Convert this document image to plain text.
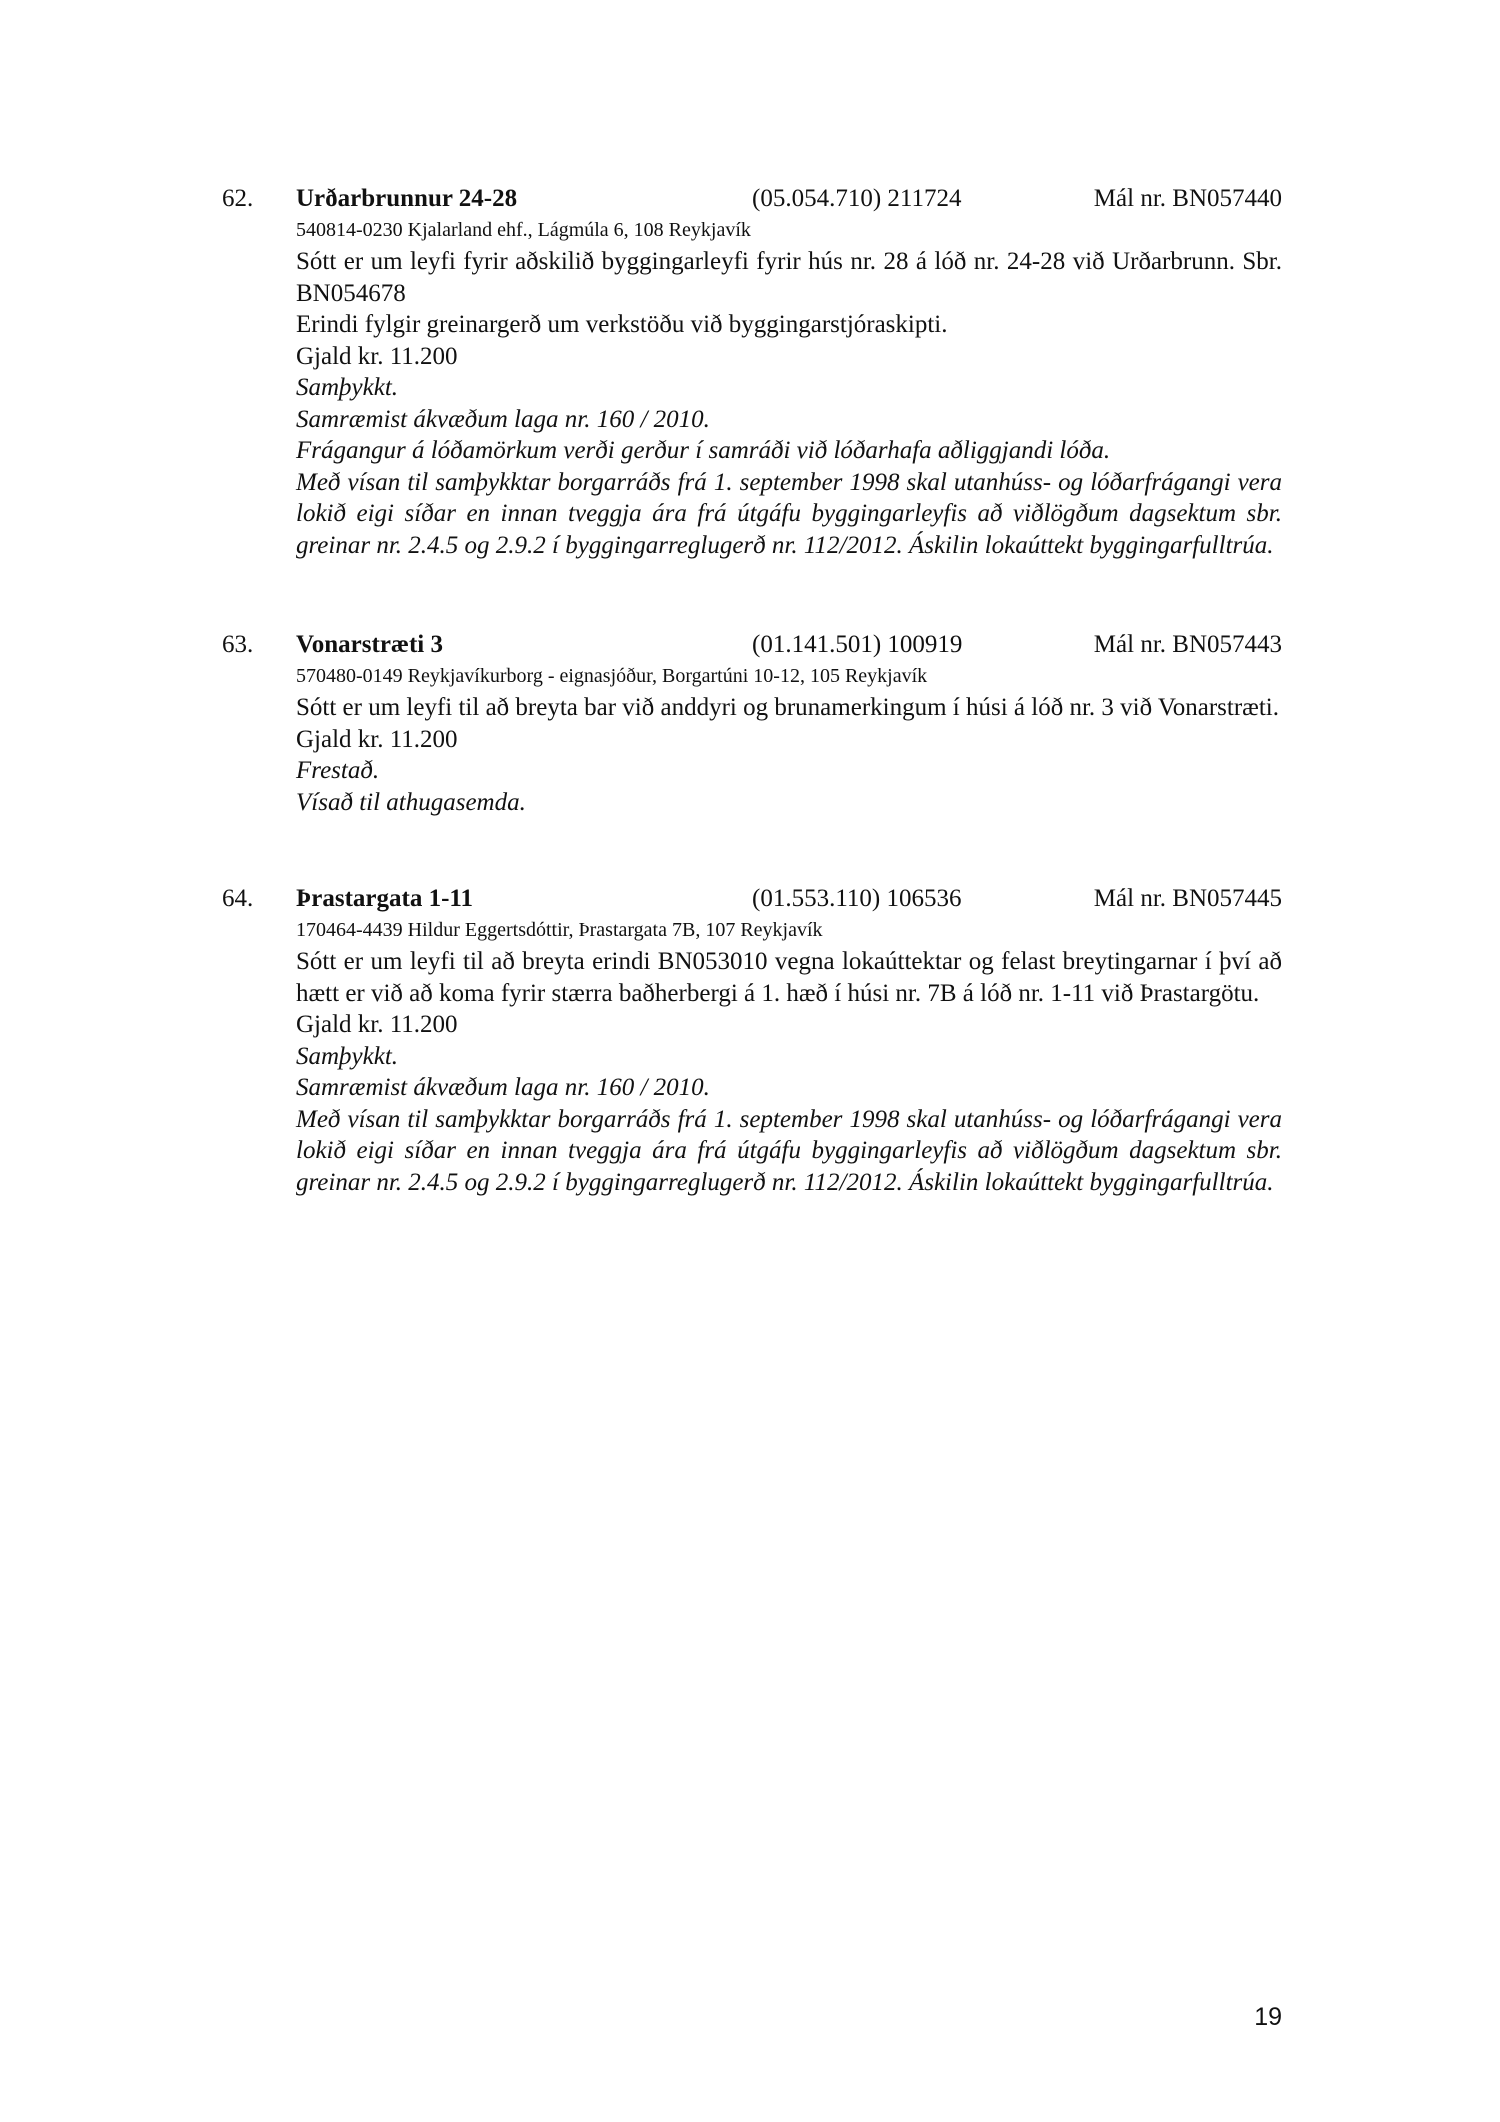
62. Urðarbrunnur 24-28	(05.054.710) 211724	Mál nr. BN057440
540814-0230 Kjalarland ehf., Lágmúla 6, 108 Reykjavík

Sótt er um leyfi fyrir aðskilið byggingarleyfi fyrir hús nr. 28 á lóð nr. 24-28 við Urðarbrunn. Sbr. BN054678

Erindi fylgir greinargerð um verkstöðu við byggingarstjóraskipti.

Gjald kr. 11.200

Samþykkt.

Samræmist ákvæðum laga nr. 160 / 2010.

Frágangur á lóðamörkum verði gerður í samráði við lóðarhafa aðliggjandi lóða.

Með vísan til samþykktar borgarráðs frá 1. september 1998 skal utanhúss- og lóðarfrágangi vera lokið eigi síðar en innan tveggja ára frá útgáfu byggingarleyfis að viðlögðum dagsektum sbr. greinar nr. 2.4.5 og 2.9.2 í byggingarreglugerð nr. 112/2012. Áskilin lokaúttekt byggingarfulltrúa.

63. Vonarstræti 3	(01.141.501) 100919	Mál nr. BN057443
570480-0149 Reykjavíkurborg - eignasjóður, Borgartúni 10-12, 105 Reykjavík

Sótt er um leyfi til að breyta bar við anddyri og brunamerkingum í húsi á lóð nr. 3 við Vonarstræti.

Gjald kr. 11.200

Frestað.

Vísað til athugasemda.

64. Þrastargata 1-11	(01.553.110) 106536	Mál nr. BN057445
170464-4439 Hildur Eggertsdóttir, Þrastargata 7B, 107 Reykjavík

Sótt er um leyfi til að breyta erindi BN053010 vegna lokaúttektar og felast breytingarnar í því að hætt er við að koma fyrir stærra baðherbergi á 1. hæð í húsi nr. 7B á lóð nr. 1-11 við Þrastargötu.

Gjald kr. 11.200

Samþykkt.

Samræmist ákvæðum laga nr. 160 / 2010.

Með vísan til samþykktar borgarráðs frá 1. september 1998 skal utanhúss- og lóðarfrágangi vera lokið eigi síðar en innan tveggja ára frá útgáfu byggingarleyfis að viðlögðum dagsektum sbr. greinar nr. 2.4.5 og 2.9.2 í byggingarreglugerð nr. 112/2012. Áskilin lokaúttekt byggingarfulltrúa.

19
